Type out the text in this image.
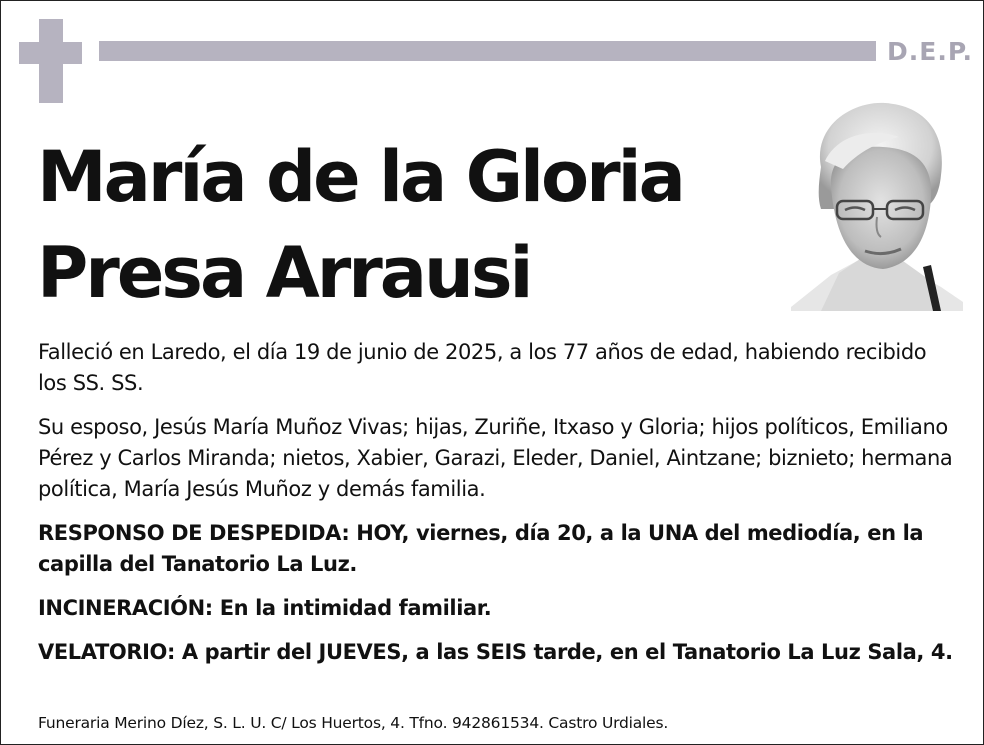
D.E.P.
María de la Gloria
Presa Arrausi

Falleció en Laredo, el día 19 de junio de 2025, a los 77 años de edad, habiendo recibido los SS. SS.

Su esposo, Jesús María Muñoz Vivas; hijas, Zuriñe, Itxaso y Gloria; hijos políticos, Emiliano Pérez y Carlos Miranda; nietos, Xabier, Garazi, Eleder, Daniel, Aintzane; biznieto; hermana política, María Jesús Muñoz y demás familia.

RESPONSO DE DESPEDIDA: HOY, viernes, día 20, a la UNA del mediodía, en la capilla del Tanatorio La Luz.

INCINERACIÓN: En la intimidad familiar.

VELATORIO: A partir del JUEVES, a las SEIS tarde, en el Tanatorio La Luz Sala, 4.

Funeraria Merino Díez, S. L. U. C/ Los Huertos, 4. Tfno. 942861534. Castro Urdiales.
